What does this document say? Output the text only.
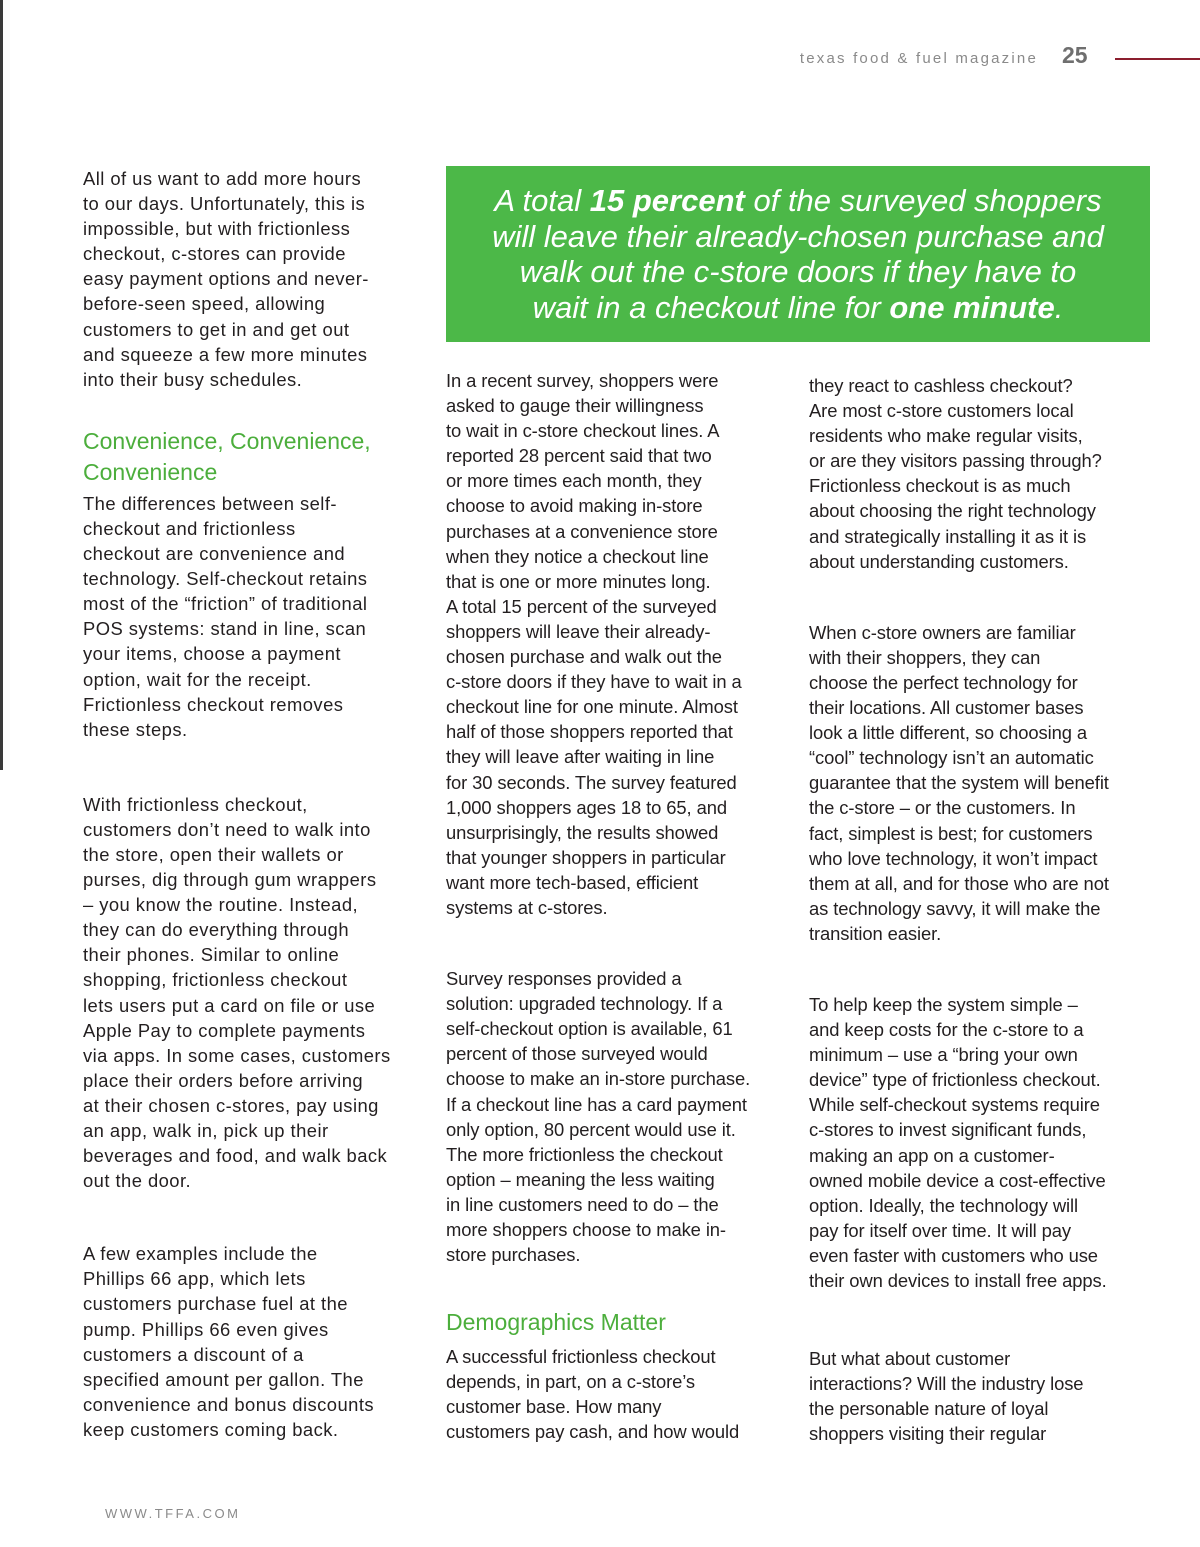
texas food & fuel magazine 25

All of us want to add more hours
to our days. Unfortunately, this is
impossible, but with frictionless
checkout, c-stores can provide
easy payment options and never-
before-seen speed, allowing
customers to get in and get out
and squeeze a few more minutes
into their busy schedules.

Convenience, Convenience,
Convenience

The differences between self-
checkout and frictionless
checkout are convenience and
technology. Self-checkout retains
most of the “friction” of traditional
POS systems: stand in line, scan
your items, choose a payment
option, wait for the receipt.
Frictionless checkout removes
these steps.

With frictionless checkout,
customers don’t need to walk into
the store, open their wallets or
purses, dig through gum wrappers
– you know the routine. Instead,
they can do everything through
their phones. Similar to online
shopping, frictionless checkout
lets users put a card on file or use
Apple Pay to complete payments
via apps. In some cases, customers
place their orders before arriving
at their chosen c-stores, pay using
an app, walk in, pick up their
beverages and food, and walk back
out the door.

A few examples include the
Phillips 66 app, which lets
customers purchase fuel at the
pump. Phillips 66 even gives
customers a discount of a
specified amount per gallon. The
convenience and bonus discounts
keep customers coming back.

A total 15 percent of the surveyed shoppers
will leave their already-chosen purchase and
walk out the c-store doors if they have to
wait in a checkout line for one minute.

In a recent survey, shoppers were
asked to gauge their willingness
to wait in c-store checkout lines. A
reported 28 percent said that two
or more times each month, they
choose to avoid making in-store
purchases at a convenience store
when they notice a checkout line
that is one or more minutes long.
A total 15 percent of the surveyed
shoppers will leave their already-
chosen purchase and walk out the
c-store doors if they have to wait in a
checkout line for one minute. Almost
half of those shoppers reported that
they will leave after waiting in line
for 30 seconds. The survey featured
1,000 shoppers ages 18 to 65, and
unsurprisingly, the results showed
that younger shoppers in particular
want more tech-based, efficient
systems at c-stores.

Survey responses provided a
solution: upgraded technology. If a
self-checkout option is available, 61
percent of those surveyed would
choose to make an in-store purchase.
If a checkout line has a card payment
only option, 80 percent would use it.
The more frictionless the checkout
option – meaning the less waiting
in line customers need to do – the
more shoppers choose to make in-
store purchases.

Demographics Matter

A successful frictionless checkout
depends, in part, on a c-store’s
customer base. How many
customers pay cash, and how would

they react to cashless checkout?
Are most c-store customers local
residents who make regular visits,
or are they visitors passing through?
Frictionless checkout is as much
about choosing the right technology
and strategically installing it as it is
about understanding customers.

When c-store owners are familiar
with their shoppers, they can
choose the perfect technology for
their locations. All customer bases
look a little different, so choosing a
“cool” technology isn’t an automatic
guarantee that the system will benefit
the c-store – or the customers. In
fact, simplest is best; for customers
who love technology, it won’t impact
them at all, and for those who are not
as technology savvy, it will make the
transition easier.

To help keep the system simple –
and keep costs for the c-store to a
minimum – use a “bring your own
device” type of frictionless checkout.
While self-checkout systems require
c-stores to invest significant funds,
making an app on a customer-
owned mobile device a cost-effective
option. Ideally, the technology will
pay for itself over time. It will pay
even faster with customers who use
their own devices to install free apps.

But what about customer
interactions? Will the industry lose
the personable nature of loyal
shoppers visiting their regular

WWW.TFFA.COM
